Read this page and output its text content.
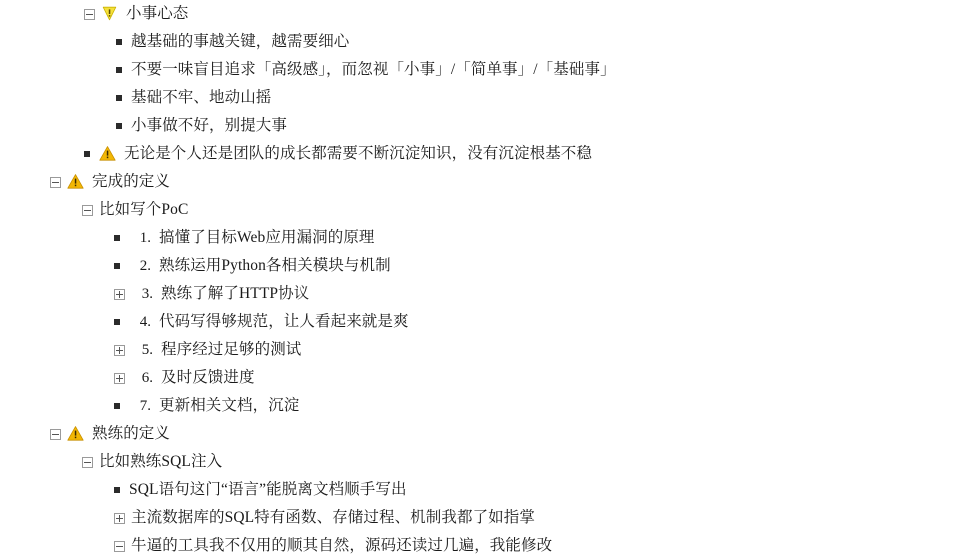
小事心态
越基础的事越关键，越需要细心
不要一味盲目追求「高级感」，而忽视「小事」/「简单事」/「基础事」
基础不牢、地动山摇
小事做不好，别提大事
无论是个人还是团队的成长都需要不断沉淀知识，没有沉淀根基不稳
完成的定义
比如写个PoC
1. 搞懂了目标Web应用漏洞的原理
2. 熟练运用Python各相关模块与机制
3. 熟练了解了HTTP协议
4. 代码写得够规范，让人看起来就是爽
5. 程序经过足够的测试
6. 及时反馈进度
7. 更新相关文档，沉淀
熟练的定义
比如熟练SQL注入
SQL语句这门“语言”能脱离文档顺手写出
主流数据库的SQL特有函数、存储过程、机制我都了如指掌
牛逼的工具我不仅用的顺其自然，源码还读过几遍，我能修改
